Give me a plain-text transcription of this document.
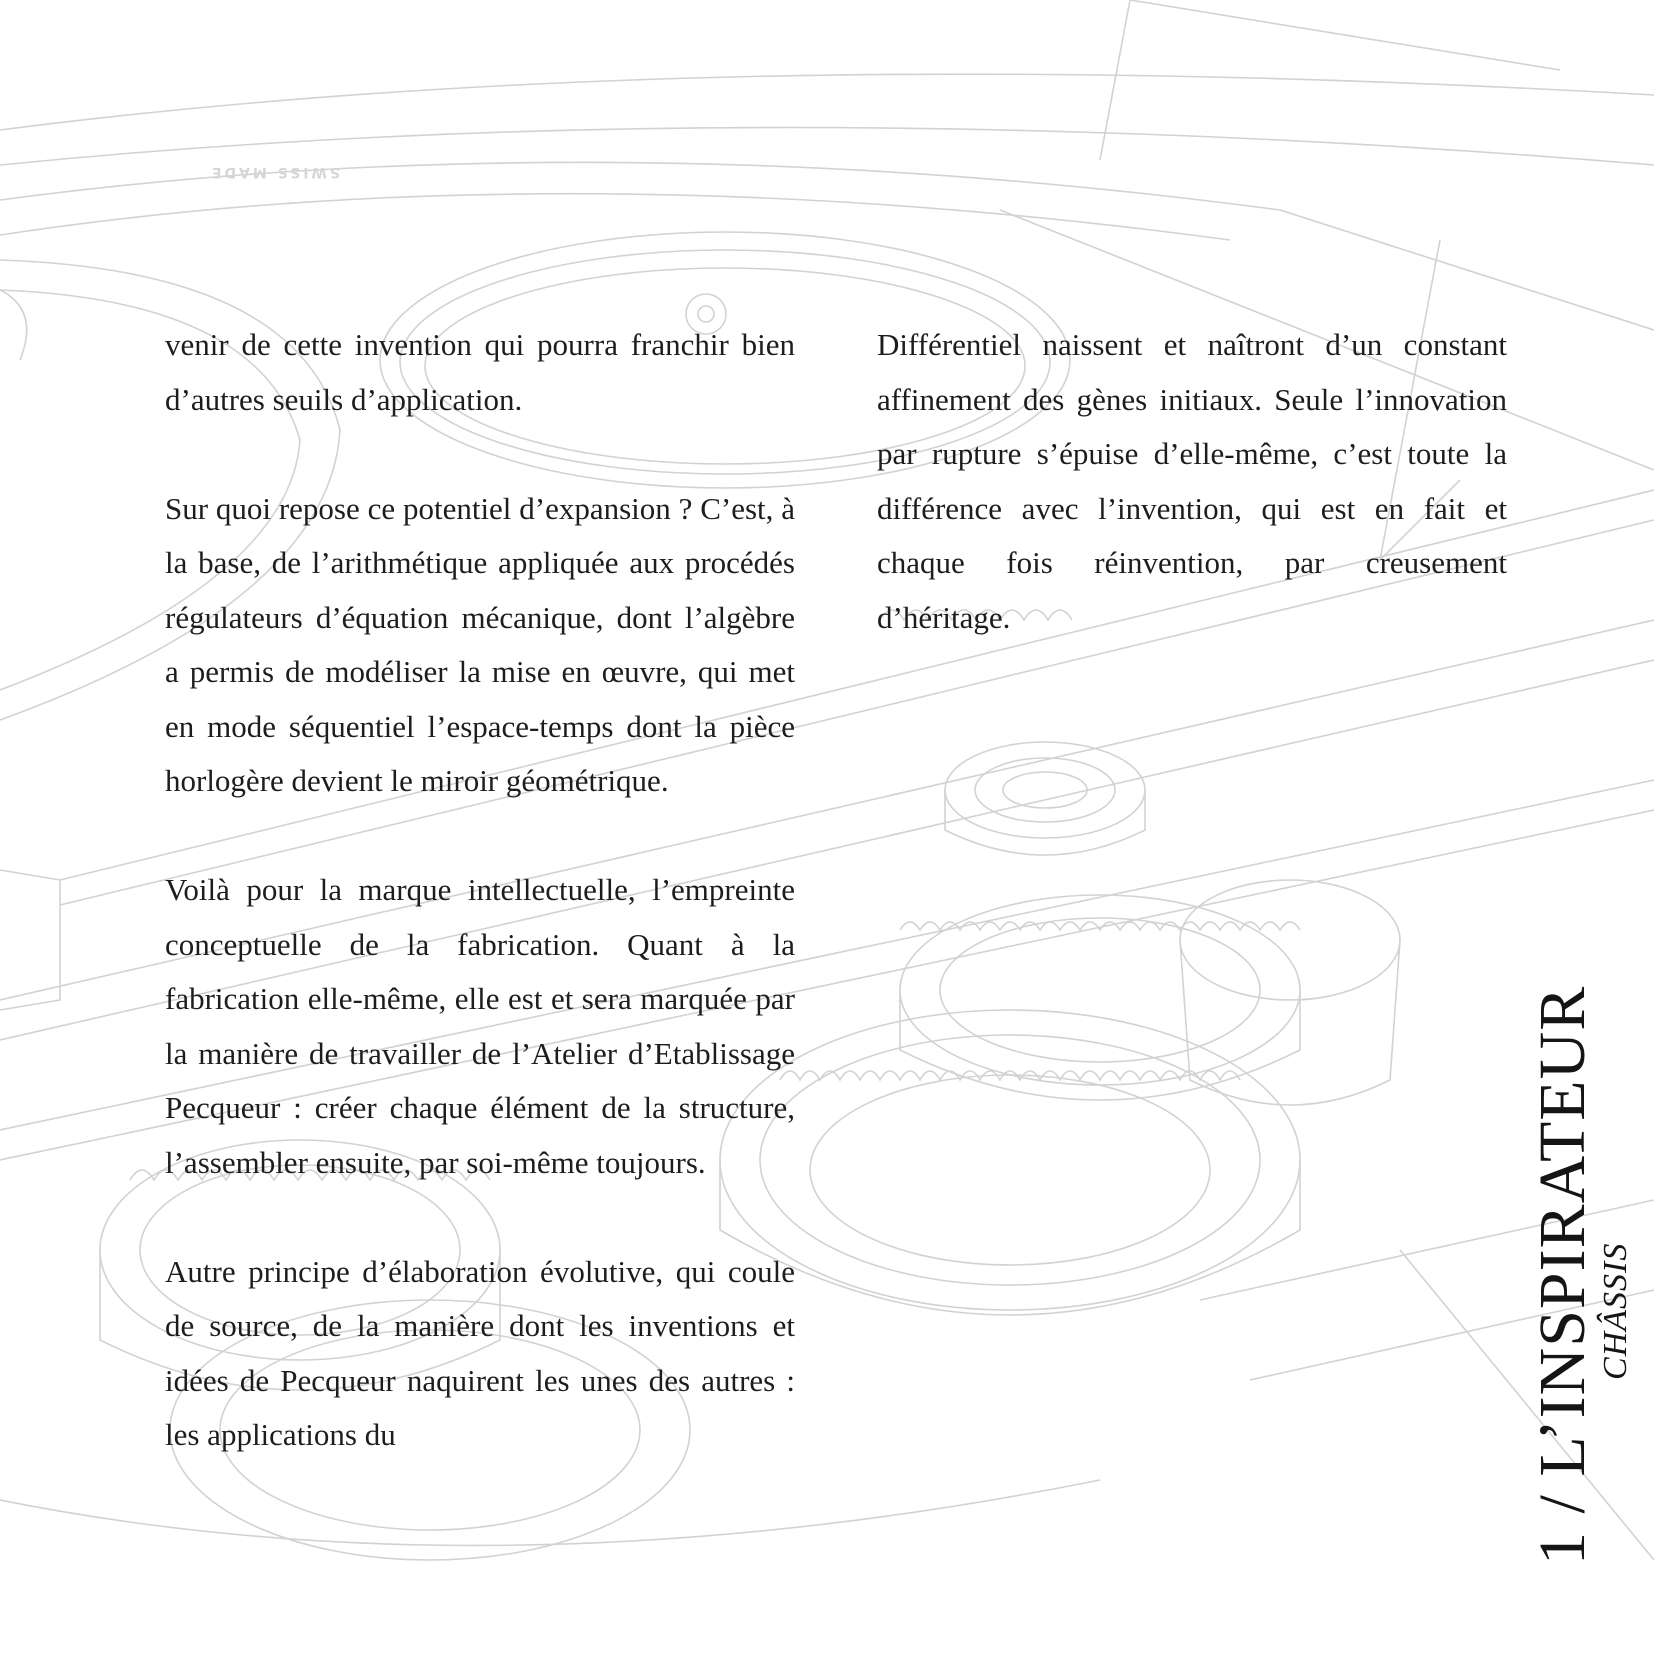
SWISS MADE

venir de cette invention qui pourra franchir bien d’autres seuils d’application.

Sur quoi repose ce potentiel d’expansion ? C’est, à la base, de l’arithmétique appliquée aux procédés régulateurs d’équation mécanique, dont l’algèbre a permis de modéliser la mise en œuvre, qui met en mode séquentiel l’espace-temps dont la pièce horlogère devient le miroir géométrique.

Voilà pour la marque intellectuelle, l’empreinte conceptuelle de la fabrication. Quant à la fabrication elle-même, elle est et sera marquée par la manière de travailler de l’Atelier d’Etablissage Pecqueur : créer chaque élément de la structure, l’assembler ensuite, par soi-même toujours.

Autre principe d’élaboration évolutive, qui coule de source, de la manière dont les inventions et idées de Pecqueur naquirent les unes des autres : les applications du

Différentiel naissent et naîtront d’un constant affinement des gènes initiaux. Seule l’innovation par rupture s’épuise d’elle-même, c’est toute la différence avec l’invention, qui est en fait et chaque fois réinvention, par creusement d’héritage.

1 / L’INSPIRATEUR
CHÂSSIS
